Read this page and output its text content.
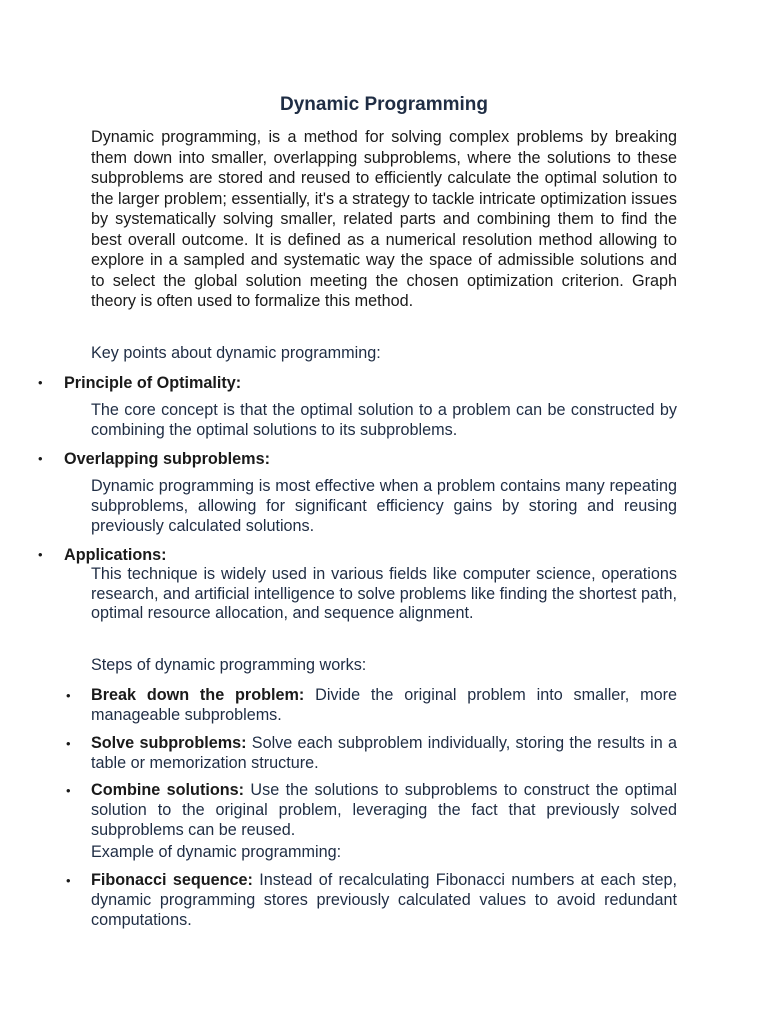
Dynamic Programming
Dynamic programming, is a method for solving complex problems by breaking them down into smaller, overlapping subproblems, where the solutions to these subproblems are stored and reused to efficiently calculate the optimal solution to the larger problem; essentially, it's a strategy to tackle intricate optimization issues by systematically solving smaller, related parts and combining them to find the best overall outcome. It is defined as a numerical resolution method allowing to explore in a sampled and systematic way the space of admissible solutions and to select the global solution meeting the chosen optimization criterion. Graph theory is often used to formalize this method.
Key points about dynamic programming:
• Principle of Optimality:
The core concept is that the optimal solution to a problem can be constructed by combining the optimal solutions to its subproblems.
• Overlapping subproblems:
Dynamic programming is most effective when a problem contains many repeating subproblems, allowing for significant efficiency gains by storing and reusing previously calculated solutions.
• Applications:
This technique is widely used in various fields like computer science, operations research, and artificial intelligence to solve problems like finding the shortest path, optimal resource allocation, and sequence alignment.
Steps of dynamic programming works:
• Break down the problem: Divide the original problem into smaller, more manageable subproblems.
• Solve subproblems: Solve each subproblem individually, storing the results in a table or memorization structure.
• Combine solutions: Use the solutions to subproblems to construct the optimal solution to the original problem, leveraging the fact that previously solved subproblems can be reused.
Example of dynamic programming:
• Fibonacci sequence: Instead of recalculating Fibonacci numbers at each step, dynamic programming stores previously calculated values to avoid redundant computations.
